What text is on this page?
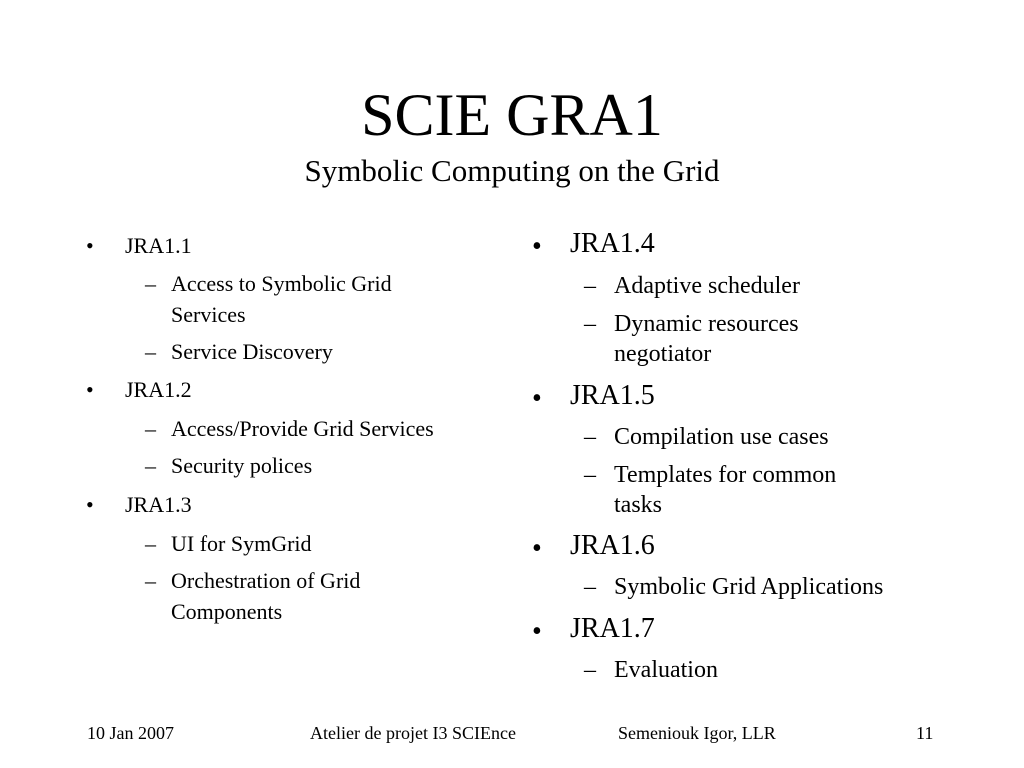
SCIE GRA1
Symbolic Computing on the Grid
• JRA1.1
– Access to Symbolic Grid
Services
– Service Discovery
• JRA1.2
– Access/Provide Grid Services
– Security polices
• JRA1.3
– UI for SymGrid
– Orchestration of Grid
Components
• JRA1.4
– Adaptive scheduler
– Dynamic resources
negotiator
• JRA1.5
– Compilation use cases
– Templates for common
tasks
• JRA1.6
– Symbolic Grid Applications
• JRA1.7
– Evaluation
10 Jan 2007	Atelier de projet I3 SCIEnce	Semeniouk Igor, LLR	11
